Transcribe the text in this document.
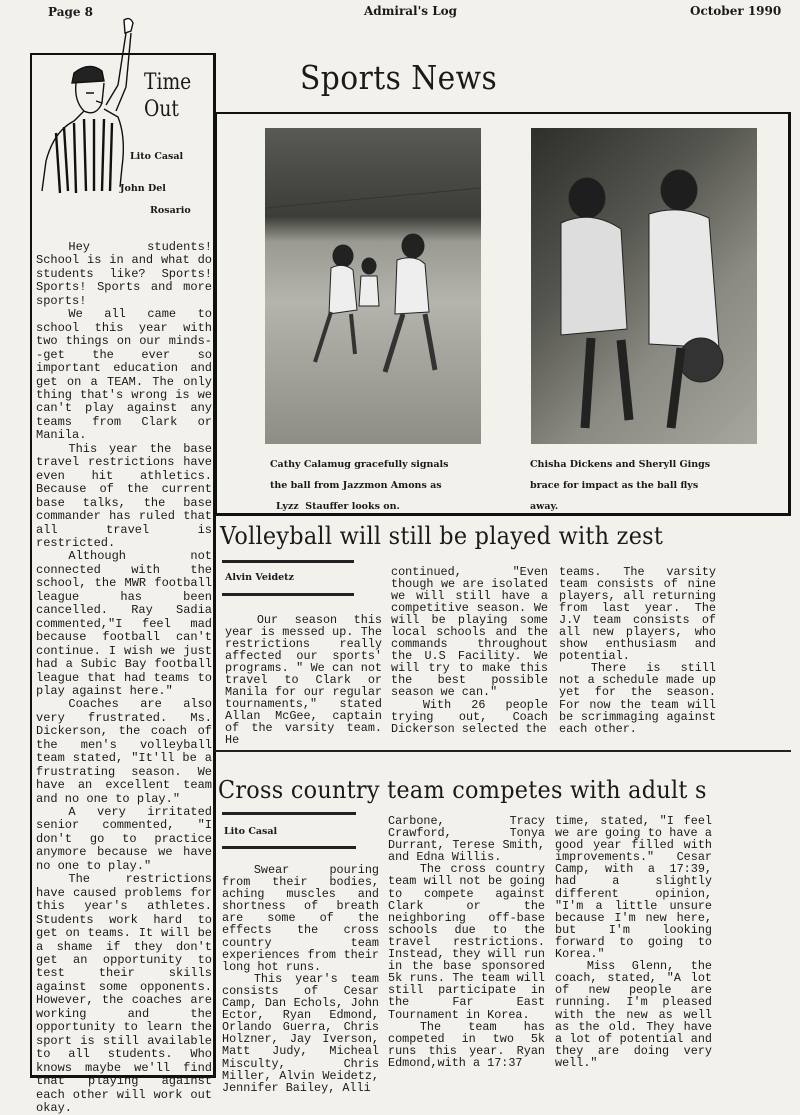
Page 8	Admiral's Log	October 1990
Sports News
Time
Out
Lito Casal
John Del
Rosario

Hey students! School is in and what do students like? Sports! Sports! Sports and more sports!

We all came to school this year with two things on our minds--get the ever so important education and get on a TEAM. The only thing that's wrong is we can't play against any teams from Clark or Manila.

This year the base travel restrictions have even hit athletics. Because of the current base talks, the base commander has ruled that all travel is restricted.

Although not connected with the school, the MWR football league has been cancelled. Ray Sadia commented,"I feel mad because football can't continue. I wish we just had a Subic Bay football league that had teams to play against here."

Coaches are also very frustrated. Ms. Dickerson, the coach of the men's volleyball team stated, "It'll be a frustrating season. We have an excellent team and no one to play."

A very irritated senior commented, "I don't go to practice anymore because we have no one to play."

The restrictions have caused problems for this year's athletes. Students work hard to get on teams. It will be a shame if they don't get an opportunity to test their skills against some opponents. However, the coaches are working and the opportunity to learn the sport is still available to all students. Who knows maybe we'll find that playing against each other will work out okay.

Cathy Calamug gracefully signals
the ball from Jazzmon Amons as
Lyzz  Stauffer looks on.
Chisha Dickens and Sheryll Gings
brace for impact as the ball flys
away.
Volleyball will still be played with zest
Alvin Veidetz

Our season this year is messed up. The restrictions really affected our sports' programs. " We can not travel to Clark or Manila for our regular tournaments," stated Allan McGee, captain of the varsity team. He

continued, "Even though we are isolated we will still have a competitive season. We will be playing some local schools and the commands throughout the U.S Facility. We will try to make this the best possible season we can."

With 26 people trying out, Coach Dickerson selected the

teams. The varsity team consists of nine players, all returning from last year. The J.V team consists of all new players, who show enthusiasm and potential.

There is still not a schedule made up yet for the season. For now the team will be scrimmaging against each other.

Cross country team competes with adult s
Lito Casal

Swear pouring from their bodies, aching muscles and shortness of breath are some of the effects the cross country team experiences from their long hot runs.

This year's team consists of Cesar Camp, Dan Echols, John Ector, Ryan Edmond, Orlando Guerra, Chris Holzner, Jay Iverson, Matt Judy, Micheal Misculty, Chris Miller, Alvin Weidetz, Jennifer Bailey, Alli

Carbone, Tracy Crawford, Tonya Durrant, Terese Smith, and Edna Willis.

The cross country team will not be going to compete against Clark or the neighboring off-base schools due to the travel restrictions. Instead, they will run in the base sponsored 5k runs. The team will still participate in the Far East Tournament in Korea.

The team has competed in two 5k runs this year. Ryan Edmond,with a 17:37

time, stated, "I feel we are going to have a good year filled with improvements." Cesar Camp, with a 17:39, had a slightly different opinion, "I'm a little unsure because I'm new here, but I'm looking forward to going to Korea."

Miss Glenn, the coach, stated, "A lot of new people are running. I'm pleased with the new as well as the old. They have a lot of potential and they are doing very well."
